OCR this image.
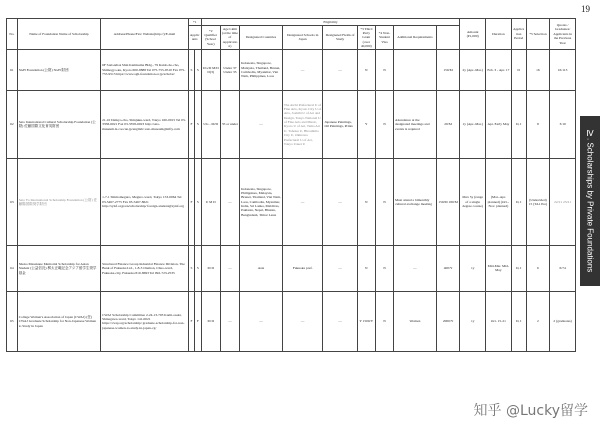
19
No.	Name of Foundation Name of Scholarship	Address/Phone/Fax/ Website(http://)/E-mail	*1		Eligibility									Amount (¥1,000)	Duration	Application Period	*5 Selection	Quotas / Graduates/ Applicants in the Previous Year
			Applicants		*2 Qualifier (School Year)	Age Limit (at the time of Application)	Designated Countries	Designated Schools in Japan	Designated Fields of Study	*3 Third Party Grant (over 40,000)	*4 Non-Student Visa	Additional Requirements						
61	SGH Foundation (公財) SGH 財団	6F SAGAKA Shin Kamisama Bldg., 79 Kaido-ho-cho, Shimogyo-ku, Kyoto 600-8888 Tel 075-755-9510 Fax 075-755-9513 https://www.sgh-foundation.or.jp/scholar/	S	S	UG/D M/D D(3)	Under 37 Under 35	Indonesia, Singapore, Malaysia, Thailand, Brunei, Cambodia, Myanmar, Viet Nam, Philippines, Laos	—	—	N	N		150/M	2y (Apr.-Mar.)	Feb. 3 - Apr. 17	D	16	16/113
62	Sato International Cultural Scholarship Foundation (公財) 佐藤国際文化育英財団	21-10 Daikyo-cho, Shinjuku-ward, Tokyo 160-0015 Tel 03-3358-6021 Fax 03-3358-6023 http://sato-museum.la.coocan.jp/english/ sato-museum@nifty.com	F	S	UG - M/D	35 or under	—	The Aichi Prefectural U of Fine Arts, Kyoto City U of Arts, Joshibi U of Art and Design, Tokyo National U of Fine Arts and Music, Kyoto U of Art, Tama Art U, Tohoku U, Hiroshima City U, Okinawa Prefectural U of Art, Tokyo Zokei U	Japanese Paintings, Oil Paintings, Prints	Y	N	Attendance at the designated meetings and events is required	20/M	1y (Apr.-Mar.)	Apr. Early May	D, I	8	3/10
63	Sato Yo International Scholarship Foundation (公財) 佐藤陽国際奨学財団	1-7-1 Shimomeguro, Meguro-ward, Tokyo 153-0064 Tel 03-5467-2775 Fax 03-5467-8621 http://syisf.or.jp/en/scholarship/ foreign-student@syisf.org	F	S	U M D	—	Indonesia, Singapore, Philippines, Malaysia, Brunei, Thailand, Viet Nam, Laos, Cambodia, Myanmar, India, Sri Lanka, Maldives, Pakistan, Nepal, Bhutan, Bangladesh, Timor Leste	—	—	N	N	Must attend a bimonthly cultural exchange meeting	150/M 180/M	Max 5y (range of a single degree course)	(Mar.-Apr. planned) (Oct.-Nov. planned)	D, I	(Undecided) 15 (TA1 Pre)	22/21 23/21
64	Shoko Masakane Memorial Scholarship for Asian Student (公益信託) 桝太正範記念アジア留学生奨学基金	Structured Finance Group Industrial Finance Division, The Bank of Fukuoka Ltd., 1-8-3 Otemon, Chuo-ward, Fukuoka-city, Fukuoka 810-8693 Tel 092-723-2535	S	S	M D	—	Asia	Fukuoka pref.	—	N	N	—	400/Y	1y	Mid-Mar. Mid-May	D, I	6	6/74
65	College Women's Association of Japan (CWAJ) (任) CWAJ Graduate Scholarship for Non-Japanese Women to Study in Japan	CWAJ Scholarship Committee 2-24-13-703 Kami-osaki, Shinagawa-ward, Tokyo 141-0021 https://cwaj.org/scholarship/ graduate-scholarship-for-non-japanese-women-to-study-in-japan-cg/	F	F	M D	—	—	—	—	Y 1500/Y	N	Women	2000/Y	1y	Oct. 15-21	D, I	2	2 (graduates)
Ⅳ. Scholarships by Private Foundations
知乎 @Lucky留学
